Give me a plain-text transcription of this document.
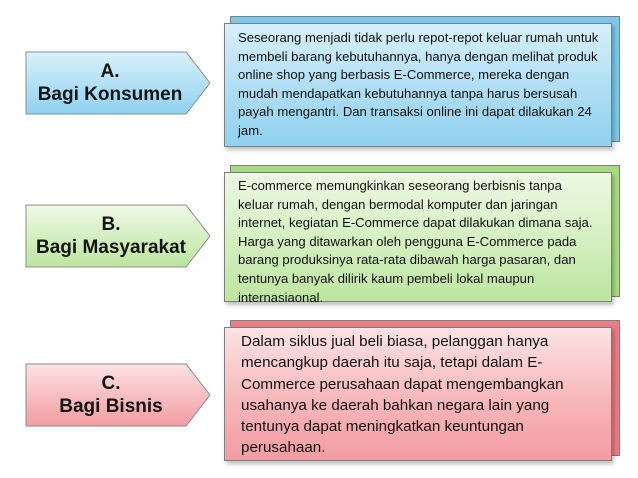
A.
Bagi Konsumen

Seseorang menjadi tidak perlu repot-repot keluar rumah untuk membeli barang kebutuhannya, hanya dengan melihat produk online shop yang berbasis E-Commerce, mereka dengan mudah mendapatkan kebutuhannya tanpa harus bersusah payah mengantri. Dan transaksi online ini dapat dilakukan 24 jam.

B.
Bagi Masyarakat

E-commerce memungkinkan seseorang berbisnis tanpa keluar rumah, dengan bermodal komputer dan jaringan internet, kegiatan E-Commerce dapat dilakukan dimana saja. Harga yang ditawarkan oleh pengguna E-Commerce pada barang produksinya rata-rata dibawah harga pasaran, dan tentunya banyak dilirik kaum pembeli lokal maupun internasiaonal.

C.
Bagi Bisnis

Dalam siklus jual beli biasa, pelanggan hanya mencangkup daerah itu saja, tetapi dalam E-Commerce perusahaan dapat mengembangkan usahanya ke daerah bahkan negara lain yang tentunya dapat meningkatkan keuntungan perusahaan.
